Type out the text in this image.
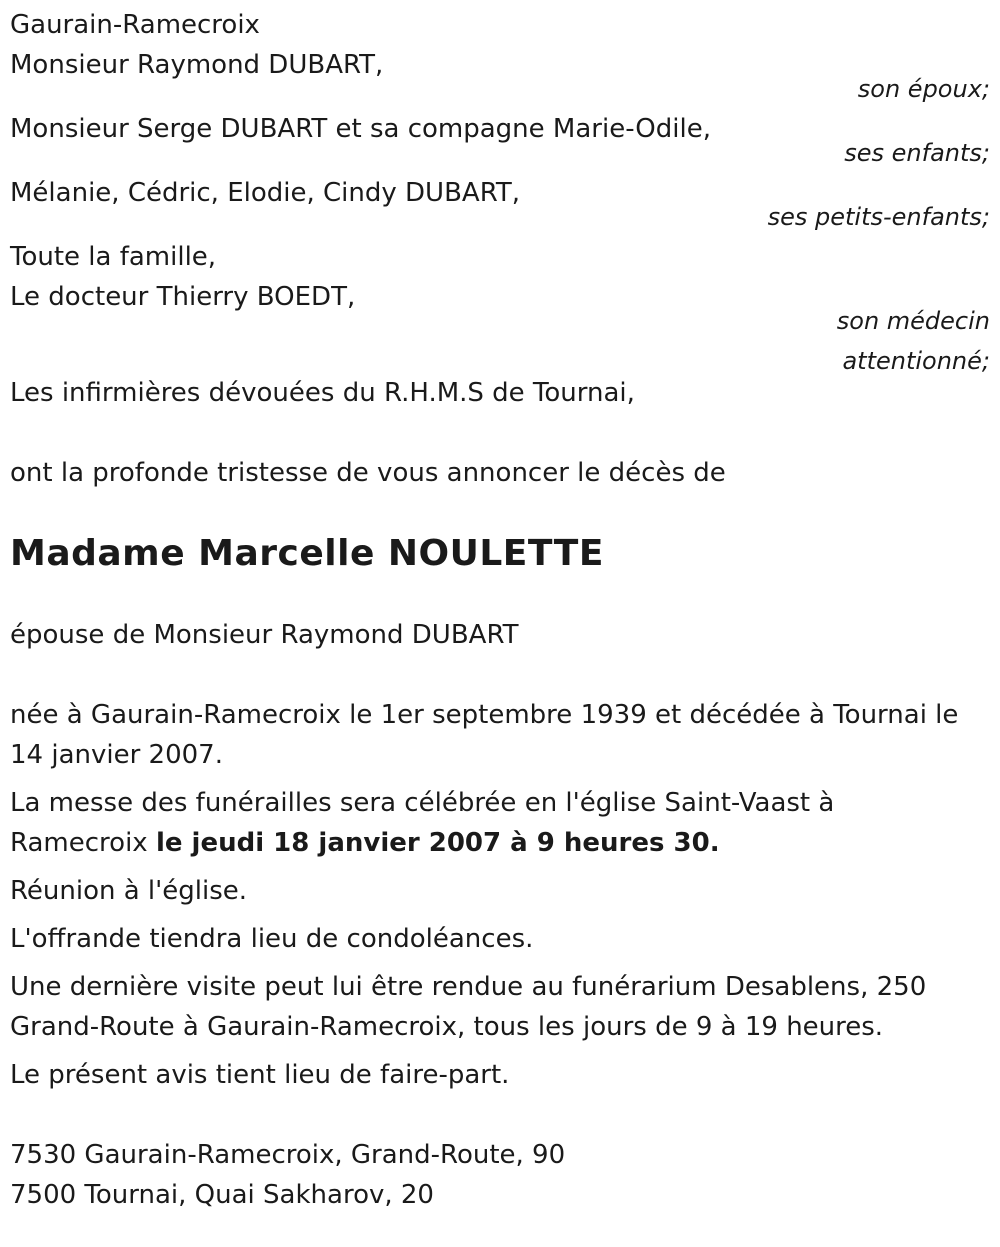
Gaurain-Ramecroix
Monsieur Raymond DUBART,
son époux;
Monsieur Serge DUBART et sa compagne Marie-Odile,
ses enfants;
Mélanie, Cédric, Elodie, Cindy DUBART,
ses petits-enfants;
Toute la famille,
Le docteur Thierry BOEDT,
son médecin
attentionné;
Les infirmières dévouées du R.H.M.S de Tournai,
ont la profonde tristesse de vous annoncer le décès de
Madame Marcelle NOULETTE
épouse de Monsieur Raymond DUBART
née à Gaurain-Ramecroix le 1er septembre 1939 et décédée à Tournai le
14 janvier 2007.
La messe des funérailles sera célébrée en l'église Saint-Vaast à
Ramecroix le jeudi 18 janvier 2007 à 9 heures 30.
Réunion à l'église.
L'offrande tiendra lieu de condoléances.
Une dernière visite peut lui être rendue au funérarium Desablens, 250
Grand-Route à Gaurain-Ramecroix, tous les jours de 9 à 19 heures.
Le présent avis tient lieu de faire-part.
7530 Gaurain-Ramecroix, Grand-Route, 90
7500 Tournai, Quai Sakharov, 20
